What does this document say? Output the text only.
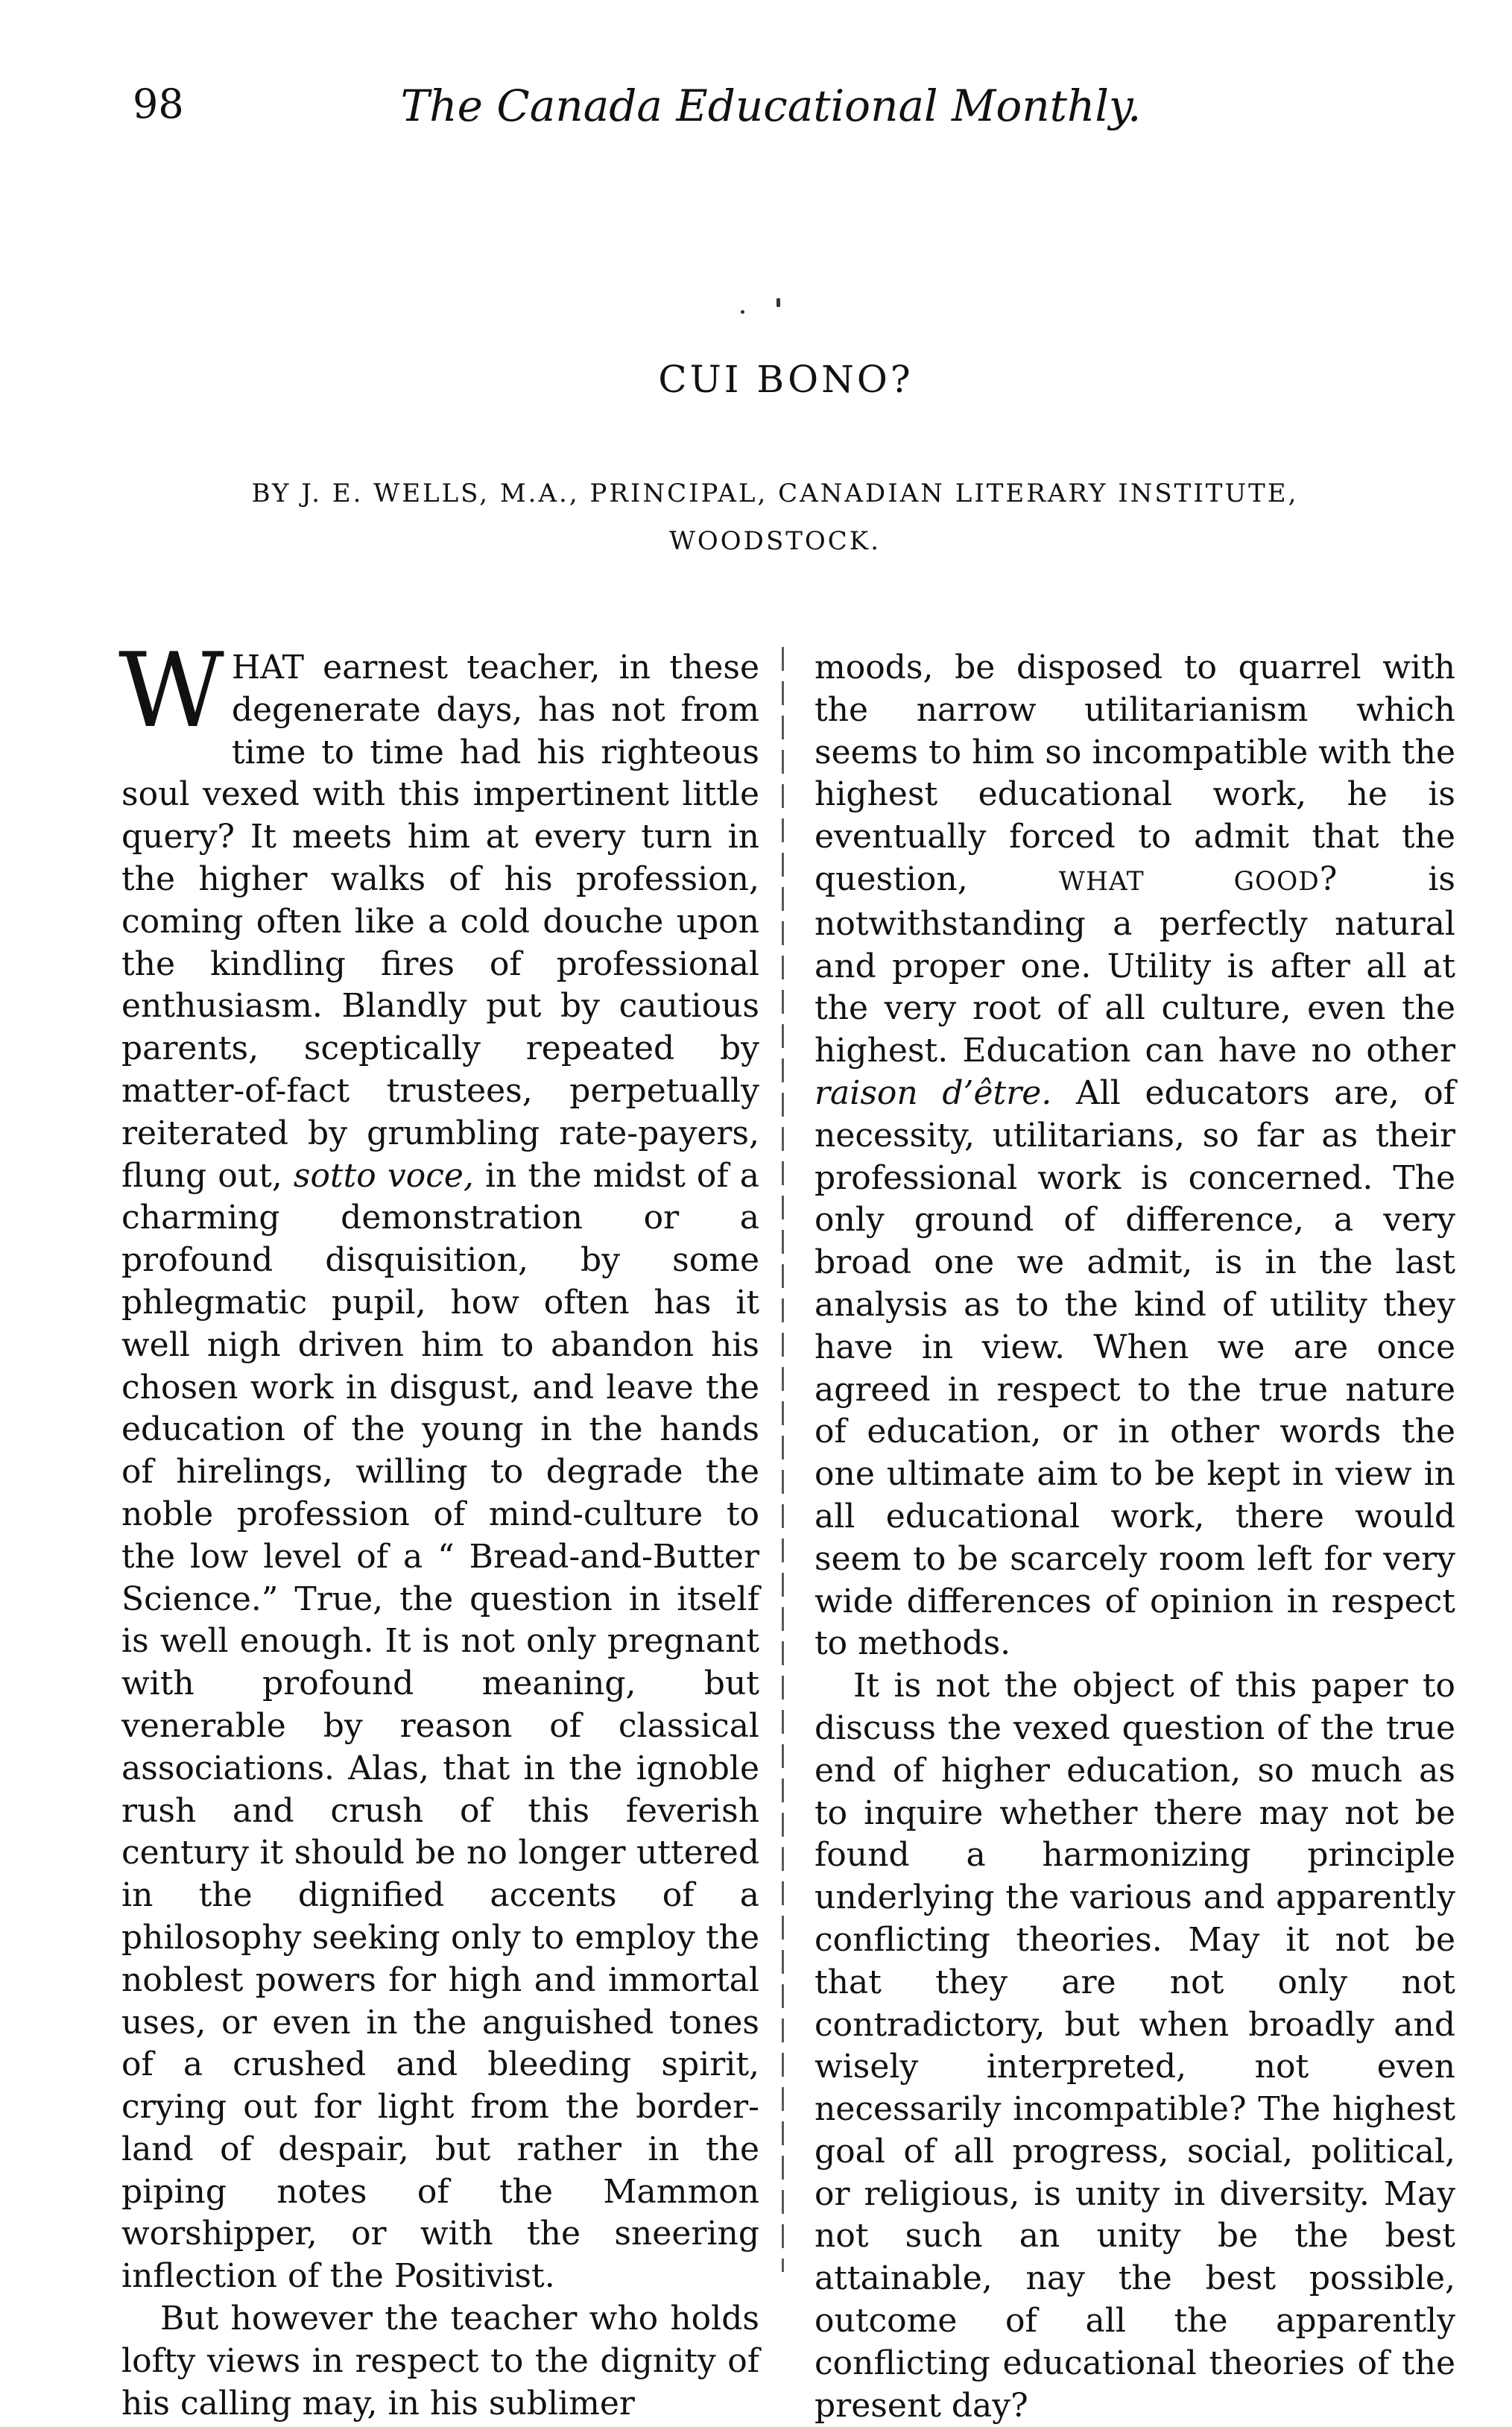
98	The Canada Educational Monthly.
CUI BONO?
BY J. E. WELLS, M.A., PRINCIPAL, CANADIAN LITERARY INSTITUTE,
WOODSTOCK.

WHAT earnest teacher, in these degenerate days, has not from time to time had his righteous soul vexed with this impertinent little query? It meets him at every turn in the higher walks of his profession, coming often like a cold douche upon the kindling fires of professional enthusiasm. Blandly put by cautious parents, sceptically repeated by matter-of-fact trustees, perpetually reiterated by grumbling rate-payers, flung out, sotto voce, in the midst of a charming demonstration or a profound disquisition, by some phlegmatic pupil, how often has it well nigh driven him to abandon his chosen work in disgust, and leave the education of the young in the hands of hirelings, willing to degrade the noble profession of mind-culture to the low level of a “ Bread-and-Butter Science.” True, the question in itself is well enough. It is not only pregnant with profound meaning, but venerable by reason of classical associations. Alas, that in the ignoble rush and crush of this feverish century it should be no longer uttered in the dignified accents of a philosophy seeking only to employ the noblest powers for high and immortal uses, or even in the anguished tones of a crushed and bleeding spirit, crying out for light from the border-land of despair, but rather in the piping notes of the Mammon worshipper, or with the sneering inflection of the Positivist.

But however the teacher who holds lofty views in respect to the dignity of his calling may, in his sublimer

moods, be disposed to quarrel with the narrow utilitarianism which seems to him so incompatible with the highest educational work, he is eventually forced to admit that the question, WHAT GOOD? is notwithstanding a perfectly natural and proper one. Utility is after all at the very root of all culture, even the highest. Education can have no other raison d’être. All educators are, of necessity, utilitarians, so far as their professional work is concerned. The only ground of difference, a very broad one we admit, is in the last analysis as to the kind of utility they have in view. When we are once agreed in respect to the true nature of education, or in other words the one ultimate aim to be kept in view in all educational work, there would seem to be scarcely room left for very wide differences of opinion in respect to methods.

It is not the object of this paper to discuss the vexed question of the true end of higher education, so much as to inquire whether there may not be found a harmonizing principle underlying the various and apparently conflicting theories. May it not be that they are not only not contradictory, but when broadly and wisely interpreted, not even necessarily incompatible? The highest goal of all progress, social, political, or religious, is unity in diversity. May not such an unity be the best attainable, nay the best possible, outcome of all the apparently conflicting educational theories of the present day?
